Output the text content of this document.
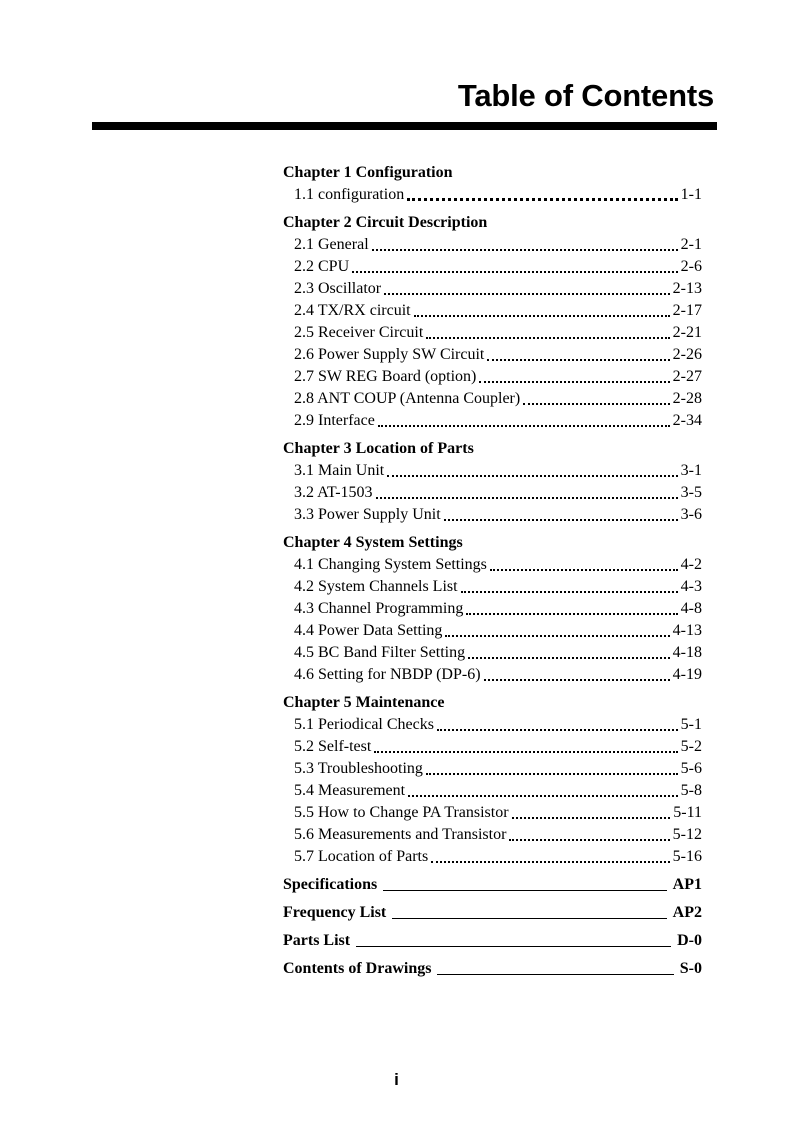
Table of Contents
Chapter 1 Configuration
1.1 configuration	1-1
Chapter 2 Circuit Description
2.1 General	2-1
2.2 CPU	2-6
2.3 Oscillator	2-13
2.4 TX/RX circuit	2-17
2.5 Receiver Circuit	2-21
2.6 Power Supply SW Circuit	2-26
2.7 SW REG Board (option)	2-27
2.8 ANT COUP (Antenna Coupler)	2-28
2.9 Interface	2-34
Chapter 3 Location of Parts
3.1 Main Unit	3-1
3.2 AT-1503	3-5
3.3 Power Supply Unit	3-6
Chapter 4 System Settings
4.1 Changing System Settings	4-2
4.2 System Channels List	4-3
4.3 Channel Programming	4-8
4.4 Power Data Setting	4-13
4.5 BC Band Filter Setting	4-18
4.6 Setting for NBDP (DP-6)	4-19
Chapter 5 Maintenance
5.1 Periodical Checks	5-1
5.2 Self-test	5-2
5.3 Troubleshooting	5-6
5.4 Measurement	5-8
5.5 How to Change PA Transistor	5-11
5.6 Measurements and Transistor	5-12
5.7 Location of Parts	5-16
Specifications	AP1
Frequency List	AP2
Parts List	D-0
Contents of Drawings	S-0
i
